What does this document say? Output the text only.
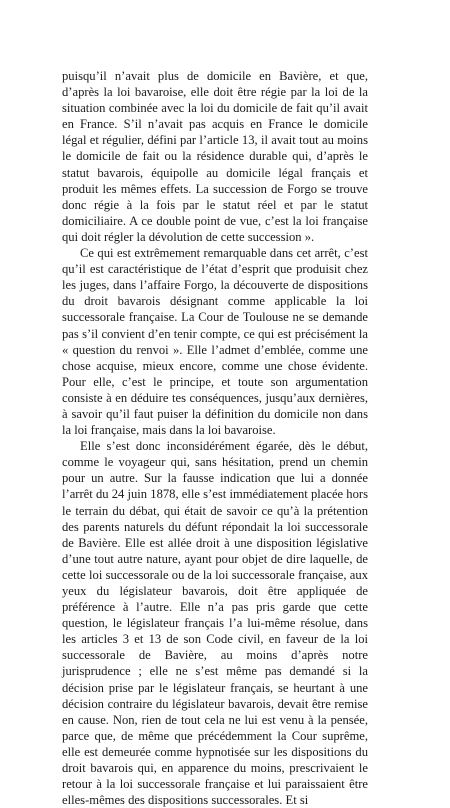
puisqu’il n’avait plus de domicile en Bavière, et que, d’après la loi bavaroise, elle doit être régie par la loi de la situation combinée avec la loi du domicile de fait qu’il avait en France. S’il n’avait pas acquis en France le domicile légal et régulier, défini par l’article 13, il avait tout au moins le domicile de fait ou la résidence durable qui, d’après le statut bavarois, équipolle au domicile légal français et produit les mêmes effets. La succession de Forgo se trouve donc régie à la fois par le statut réel et par le statut domiciliaire. A ce double point de vue, c’est la loi française qui doit régler la dévolution de cette succession ».

Ce qui est extrêmement remarquable dans cet arrêt, c’est qu’il est caractéristique de l’état d’esprit que produisit chez les juges, dans l’affaire Forgo, la découverte de dispositions du droit bavarois désignant comme applicable la loi successorale française. La Cour de Toulouse ne se demande pas s’il convient d’en tenir compte, ce qui est précisément la « question du renvoi ». Elle l’admet d’emblée, comme une chose acquise, mieux encore, comme une chose évidente. Pour elle, c’est le principe, et toute son argumentation consiste à en déduire tes conséquences, jusqu’aux dernières, à savoir qu’il faut puiser la définition du domicile non dans la loi française, mais dans la loi bavaroise.

Elle s’est donc inconsidérément égarée, dès le début, comme le voyageur qui, sans hésitation, prend un chemin pour un autre. Sur la fausse indication que lui a donnée l’arrêt du 24 juin 1878, elle s’est immédiatement placée hors le terrain du débat, qui était de savoir ce qu’à la prétention des parents naturels du défunt répondait la loi successorale de Bavière. Elle est allée droit à une disposition législative d’une tout autre nature, ayant pour objet de dire laquelle, de cette loi successorale ou de la loi successorale française, aux yeux du législateur bavarois, doit être appliquée de préférence à l’autre. Elle n’a pas pris garde que cette question, le législateur français l’a lui-même résolue, dans les articles 3 et 13 de son Code civil, en faveur de la loi successorale de Bavière, au moins d’après notre jurisprudence ; elle ne s’est même pas demandé si la décision prise par le législateur français, se heurtant à une décision contraire du législateur bavarois, devait être remise en cause. Non, rien de tout cela ne lui est venu à la pensée, parce que, de même que précédemment la Cour suprême, elle est demeurée comme hypnotisée sur les dispositions du droit bavarois qui, en apparence du moins, prescrivaient le retour à la loi successorale française et lui paraissaient être elles-mêmes des dispositions successorales. Et si
